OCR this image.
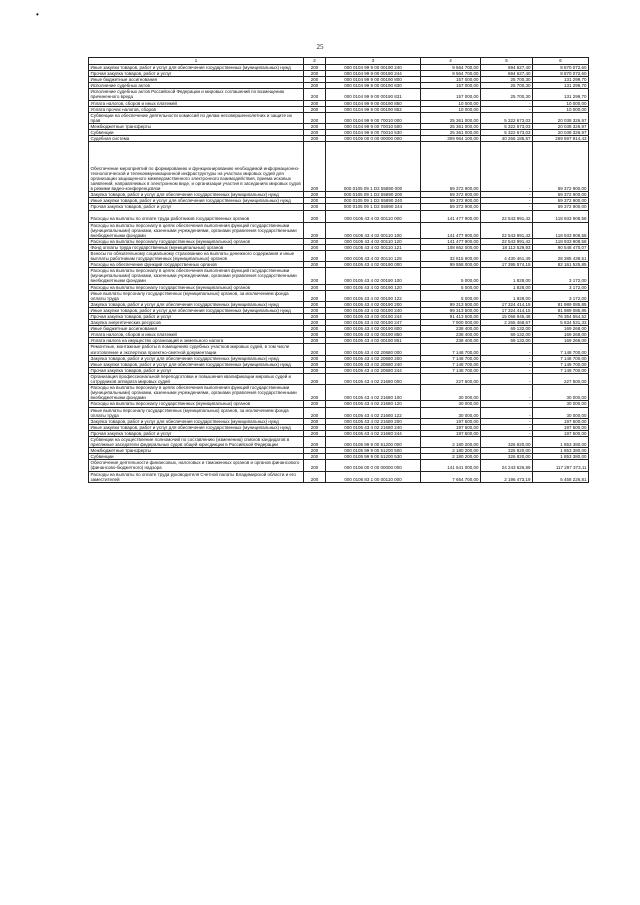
•
25
1	2	3	4	5	6
Иные закупки товаров, работ и услуг для обеспечения государственных (муниципальных) нужд	200	000 0104 99 9 00 00190 240	9 564 700,00	694 627,40	8 870 072,60
Прочая закупка товаров, работ и услуг	200	000 0104 99 9 00 00190 244	9 564 700,00	694 627,40	8 870 072,60
Иные бюджетные ассигнования	200	000 0104 99 9 00 00190 800	157 000,00	25 700,30	131 299,70
Исполнение судебных актов	200	000 0104 99 9 00 00190 830	157 000,00	25 700,30	131 299,70
Исполнение судебных актов Российской Федерации и мировых соглашений по возмещению причиненного вреда	200	000 0104 99 9 00 00190 831	157 000,00	25 700,30	131 299,70
Уплата налогов, сборов и иных платежей	200	000 0104 99 9 00 00190 850	10 000,00	-	10 000,00
Уплата прочих налогов, сборов	200	000 0104 99 9 00 00190 852	10 000,00	-	10 000,00
Субвенции на обеспечение деятельности комиссий по делам несовершеннолетних и защите их прав	200	000 0104 99 9 00 70010 000	25 361 000,00	5 322 673,03	20 038 326,97
Межбюджетные трансферты	200	000 0104 99 9 00 70010 500	25 361 000,00	5 322 673,03	20 038 326,97
Субвенции	200	000 0104 99 9 00 70010 530	25 361 000,00	5 322 673,03	20 038 326,97
Судебная система	200	000 0105 00 0 00 00000 000	309 964 100,00	40 266 185,57	269 697 914,43
Обеспечение мероприятий по формированию и функционированию необходимой информационно-технологической и телекоммуникационной инфраструктуры на участках мировых судей для организации защищенного межведомственного электронного взаимодействия, приема исковых заявлений, направляемых в электронном виде, и организации участия в заседаниях мировых судов в режиме видео-конференцсвязи	200	000 0105 09 1 D2 55890 000	59 372 900,00	-	59 372 900,00
Закупка товаров, работ и услуг для обеспечения государственных (муниципальных) нужд	200	000 0105 09 1 D2 55890 200	59 372 900,00	-	59 372 900,00
Иные закупки товаров, работ и услуг для обеспечения государственных (муниципальных) нужд	200	000 0105 09 1 D2 55890 240	59 372 900,00	-	59 372 900,00
Прочая закупка товаров, работ и услуг	200	000 0105 09 1 D2 55890 244	59 372 900,00	-	59 372 900,00
Расходы на выплаты по оплате труда работников государственных органов	200	000 0105 43 4 02 00110 000	141 477 900,00	22 543 991,42	118 933 908,58
Расходы на выплаты персоналу в целях обеспечения выполнения функций государственными (муниципальными) органами, казенными учреждениями, органами управления государственными внебюджетными фондами	200	000 0105 43 4 02 00110 100	141 477 900,00	22 543 991,42	118 933 908,58
Расходы на выплаты персоналу государственных (муниципальных) органов	200	000 0105 43 4 02 00110 120	141 477 900,00	22 543 991,42	118 933 908,58
Фонд оплаты труда государственных (муниципальных) органов	200	000 0105 43 4 02 00110 121	108 662 000,00	18 113 529,93	90 548 470,07
Взносы по обязательному социальному страхованию на выплаты денежного содержания и иные выплаты работникам государственных (муниципальных) органов	200	000 0105 43 4 02 00110 129	32 815 900,00	4 430 461,49	28 385 438,51
Расходы на обеспечение функций государственных органов	200	000 0105 43 4 02 00190 000	99 558 000,00	17 395 574,15	82 161 525,85
Расходы на выплаты персоналу в целях обеспечения выполнения функций государственными (муниципальными) органами, казенными учреждениями, органами управления государственными внебюджетными фондами	200	000 0105 43 4 02 00190 100	5 000,00	1 828,00	3 172,00
Расходы на выплаты персоналу государственных (муниципальных) органов	200	000 0105 43 4 02 00190 120	5 000,00	1 828,00	3 172,00
Иные выплаты персоналу государственных (муниципальных) органов, за исключением фонда оплаты труда	200	000 0105 43 4 02 00190 122	5 000,00	1 828,00	3 172,00
Закупка товаров, работ и услуг для обеспечения государственных (муниципальных) нужд	200	000 0105 43 4 02 00190 200	99 313 500,00	17 324 414,15	81 989 085,85
Иные закупки товаров, работ и услуг для обеспечения государственных (муниципальных) нужд	200	000 0105 43 4 02 00190 240	99 313 500,00	17 324 414,15	81 989 085,85
Прочая закупка товаров, работ и услуг	200	000 0105 43 4 02 00190 244	91 413 500,00	15 058 945,48	76 354 554,52
Закупка энергетических ресурсов	200	000 0105 43 4 02 00190 247	7 900 000,00	2 265 468,67	5 634 531,33
Иные бюджетные ассигнования	200	000 0105 43 4 02 00190 800	238 400,00	69 132,00	169 268,00
Уплата налогов, сборов и иных платежей	200	000 0105 43 4 02 00190 850	238 400,00	69 132,00	169 268,00
Уплата налога на имущество организаций и земельного налога	200	000 0105 43 4 02 00190 851	238 400,00	69 132,00	169 268,00
Ремонтные, монтажные работы в помещениях судебных участков мировых судей, в том числе изготовление и экспертиза проектно-сметной документации	200	000 0105 43 4 02 20680 000	7 148 700,00	-	7 148 700,00
Закупка товаров, работ и услуг для обеспечения государственных (муниципальных) нужд	200	000 0105 43 4 02 20680 200	7 148 700,00	-	7 148 700,00
Иные закупки товаров, работ и услуг для обеспечения государственных (муниципальных) нужд	200	000 0105 43 4 02 20680 240	7 148 700,00	-	7 148 700,00
Прочая закупка товаров, работ и услуг	200	000 0105 43 4 02 20680 244	7 148 700,00	-	7 148 700,00
Организация профессиональной переподготовки и повышения квалификации мировых судей и сотрудников аппарата мировых судей	200	000 0105 43 4 02 21680 000	227 500,00	-	227 500,00
Расходы на выплаты персоналу в целях обеспечения выполнения функций государственными (муниципальными) органами, казенными учреждениями, органами управления государственными внебюджетными фондами	200	000 0105 43 4 02 21680 100	30 000,00	-	30 000,00
Расходы на выплаты персоналу государственных (муниципальных) органов	200	000 0105 43 4 02 21680 120	30 000,00	-	30 000,00
Иные выплаты персоналу государственных (муниципальных) органов, за исключением фонда оплаты труда	200	000 0105 43 4 02 21680 122	30 000,00	-	30 000,00
Закупка товаров, работ и услуг для обеспечения государственных (муниципальных) нужд	200	000 0105 43 4 02 21680 200	197 500,00	-	197 500,00
Иные закупки товаров, работ и услуг для обеспечения государственных (муниципальных) нужд	200	000 0105 43 4 02 21680 240	197 500,00	-	197 500,00
Прочая закупка товаров, работ и услуг	200	000 0105 43 4 02 21680 244	197 500,00	-	197 500,00
Субвенции на осуществление полномочий по составлению (изменению) списков кандидатов в присяжные заседатели федеральных судов общей юрисдикции в Российской Федерации	200	000 0105 99 9 00 51200 000	2 180 200,00	326 820,00	1 853 380,00
Межбюджетные трансферты	200	000 0105 99 9 00 51200 500	2 180 200,00	326 820,00	1 853 380,00
Субвенции	200	000 0105 99 9 00 51200 530	2 180 200,00	326 820,00	1 853 380,00
Обеспечение деятельности финансовых, налоговых и таможенных органов и органов финансового (финансово-бюджетного) надзора	200	000 0106 00 0 00 00000 000	141 541 000,00	24 243 626,89	117 297 373,11
Расходы на выплаты по оплате труда руководителя Счетной палаты Владимирской области и его заместителей	200	000 0106 83 1 00 00110 000	7 654 700,00	2 196 473,19	5 458 226,81
